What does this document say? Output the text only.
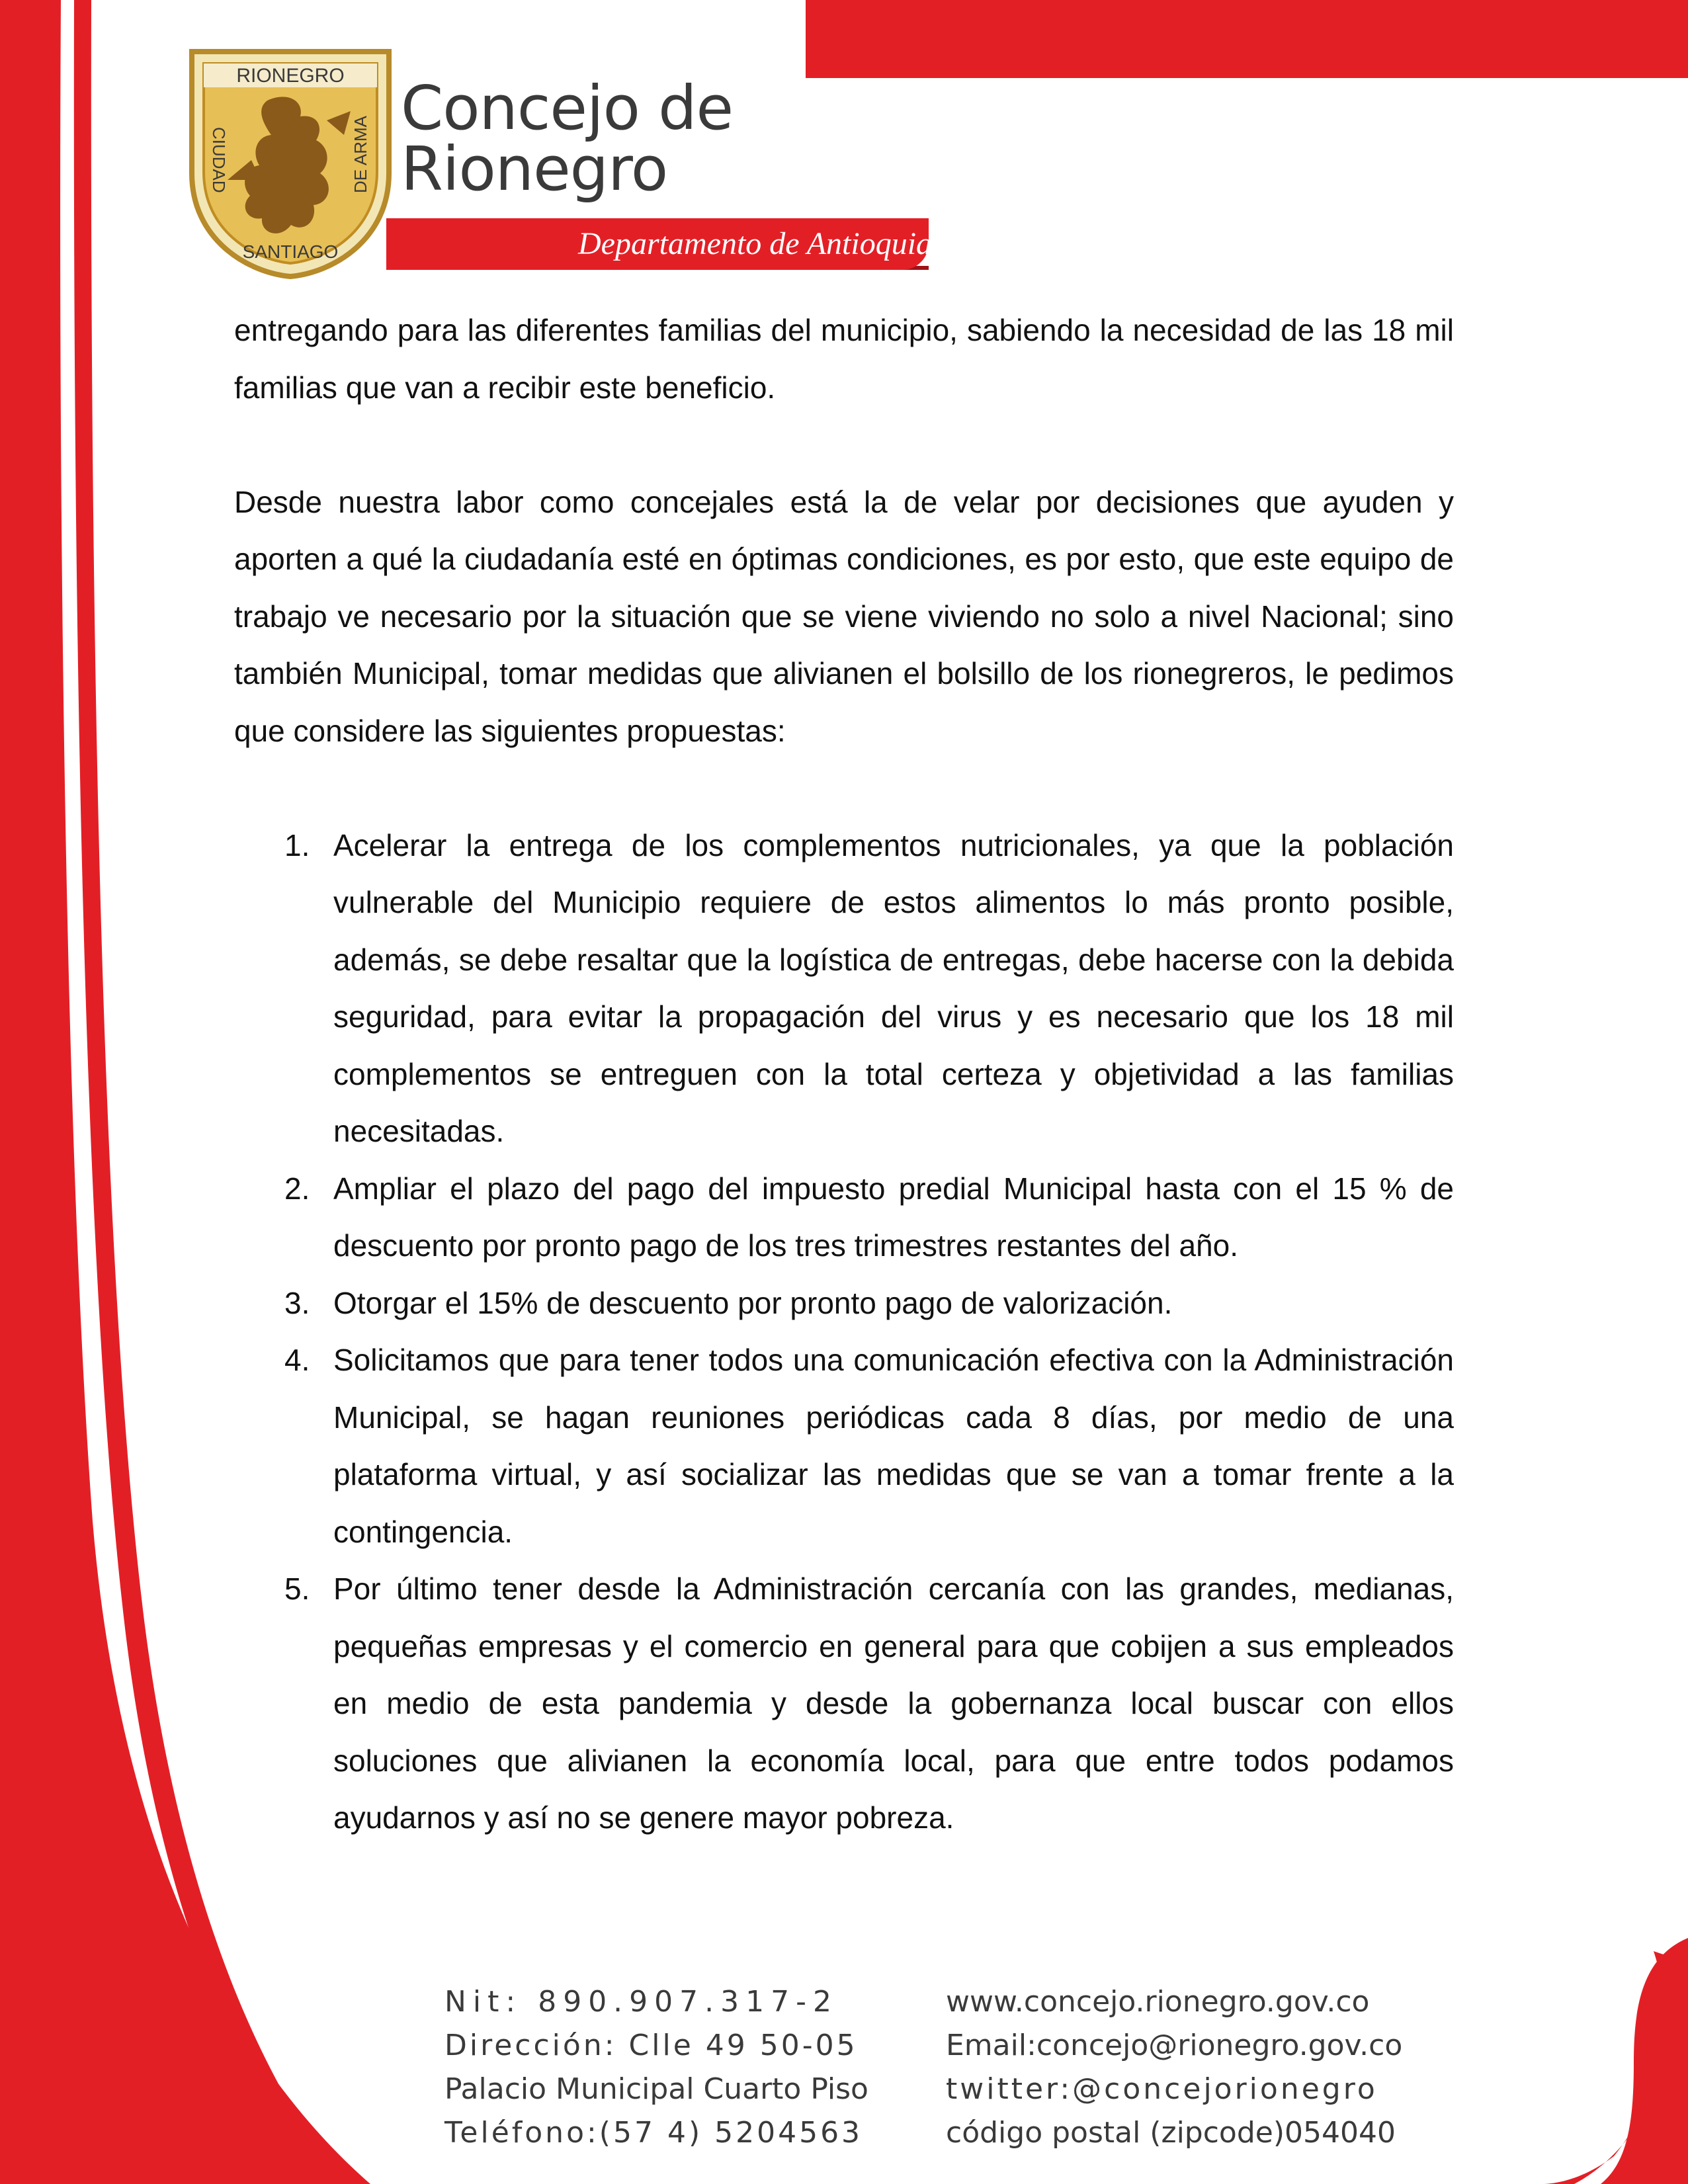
RIONEGRO
CIUDAD	DE ARMA
SANTIAGO
Concejo de
Rionegro
Departamento de Antioquia

entregando para las diferentes familias del municipio, sabiendo la necesidad de las 18 mil familias que van a recibir este beneficio.

Desde nuestra labor como concejales está la de velar por decisiones que ayuden y aporten a qué la ciudadanía esté en óptimas condiciones, es por esto, que este equipo de trabajo ve necesario por la situación que se viene viviendo no solo a nivel Nacional; sino también Municipal, tomar medidas que alivianen el bolsillo de los rionegreros, le pedimos que considere las siguientes propuestas:

1. Acelerar la entrega de los complementos nutricionales, ya que la población vulnerable del Municipio requiere de estos alimentos lo más pronto posible, además, se debe resaltar que la logística de entregas, debe hacerse con la debida seguridad, para evitar la propagación del virus y es necesario que los 18 mil complementos se entreguen con la total certeza y objetividad a las familias necesitadas.
2. Ampliar el plazo del pago del impuesto predial Municipal hasta con el 15 % de descuento por pronto pago de los tres trimestres restantes del año.
3. Otorgar el 15% de descuento por pronto pago de valorización.
4. Solicitamos que para tener todos una comunicación efectiva con la Administración Municipal, se hagan reuniones periódicas cada 8 días, por medio de una plataforma virtual, y así socializar las medidas que se van a tomar frente a la contingencia.
5. Por último tener desde la Administración cercanía con las grandes, medianas, pequeñas empresas y el comercio en general para que cobijen a sus empleados en medio de esta pandemia y desde la gobernanza local buscar con ellos soluciones que alivianen la economía local, para que entre todos podamos ayudarnos y así no se genere mayor pobreza.
Nit: 890.907.317-2
Dirección: Clle 49 50-05
Palacio Municipal Cuarto Piso
Teléfono:(57 4) 5204563
www.concejo.rionegro.gov.co
Email:concejo@rionegro.gov.co
twitter:@concejorionegro
código postal (zipcode)054040
